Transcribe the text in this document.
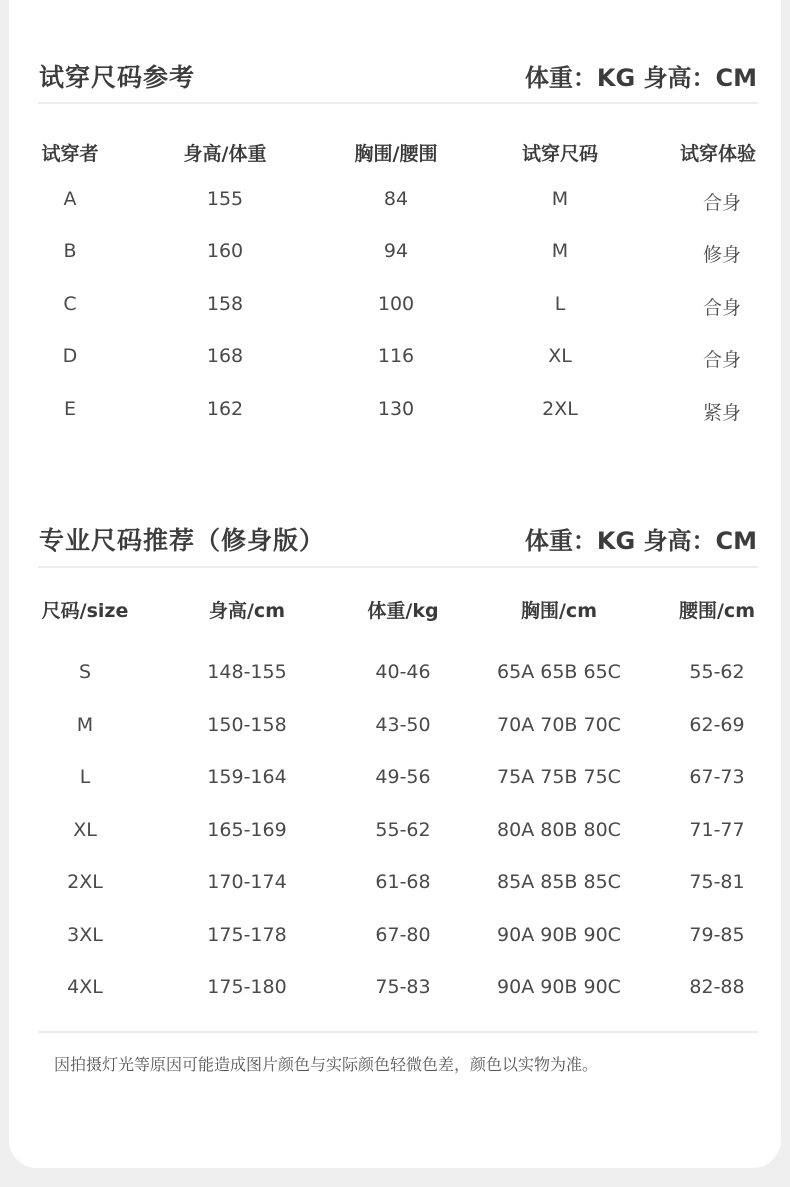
试穿尺码参考	体重：KG 身高：CM
试穿者	身高/体重	胸围/腰围	试穿尺码	试穿体验
A	155	84	M	合身
B	160	94	M	修身
C	158	100	L	合身
D	168	116	XL	合身
E	162	130	2XL	紧身
专业尺码推荐（修身版）	体重：KG 身高：CM
尺码/size	身高/cm	体重/kg	胸围/cm	腰围/cm
S	148-155	40-46	65A 65B 65C	55-62
M	150-158	43-50	70A 70B 70C	62-69
L	159-164	49-56	75A 75B 75C	67-73
XL	165-169	55-62	80A 80B 80C	71-77
2XL	170-174	61-68	85A 85B 85C	75-81
3XL	175-178	67-80	90A 90B 90C	79-85
4XL	175-180	75-83	90A 90B 90C	82-88
因拍摄灯光等原因可能造成图片颜色与实际颜色轻微色差，颜色以实物为准。
